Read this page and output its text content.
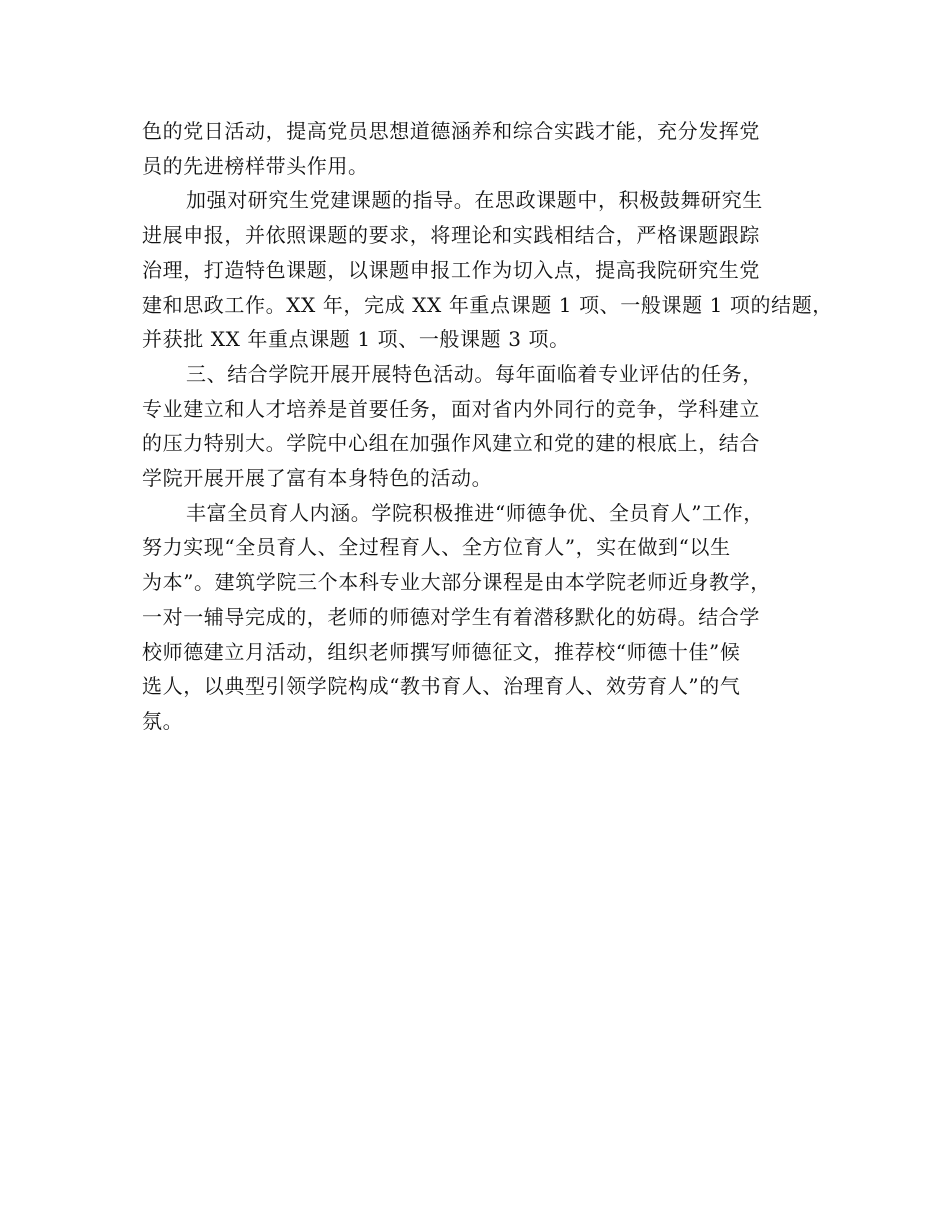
色的党日活动，提高党员思想道德涵养和综合实践才能，充分发挥党
员的先进榜样带头作用。
加强对研究生党建课题的指导。在思政课题中，积极鼓舞研究生
进展申报，并依照课题的要求，将理论和实践相结合，严格课题跟踪
治理，打造特色课题，以课题申报工作为切入点，提高我院研究生党
建和思政工作。XX 年，完成 XX 年重点课题 1 项、一般课题 1 项的结题，
并获批 XX 年重点课题 1 项、一般课题 3 项。
三、结合学院开展开展特色活动。每年面临着专业评估的任务，
专业建立和人才培养是首要任务，面对省内外同行的竞争，学科建立
的压力特别大。学院中心组在加强作风建立和党的建的根底上，结合
学院开展开展了富有本身特色的活动。
丰富全员育人内涵。学院积极推进“师德争优、全员育人”工作，
努力实现“全员育人、全过程育人、全方位育人”，实在做到“以生
为本”。建筑学院三个本科专业大部分课程是由本学院老师近身教学，
一对一辅导完成的，老师的师德对学生有着潜移默化的妨碍。结合学
校师德建立月活动，组织老师撰写师德征文，推荐校“师德十佳”候
选人，以典型引领学院构成“教书育人、治理育人、效劳育人”的气
氛。
